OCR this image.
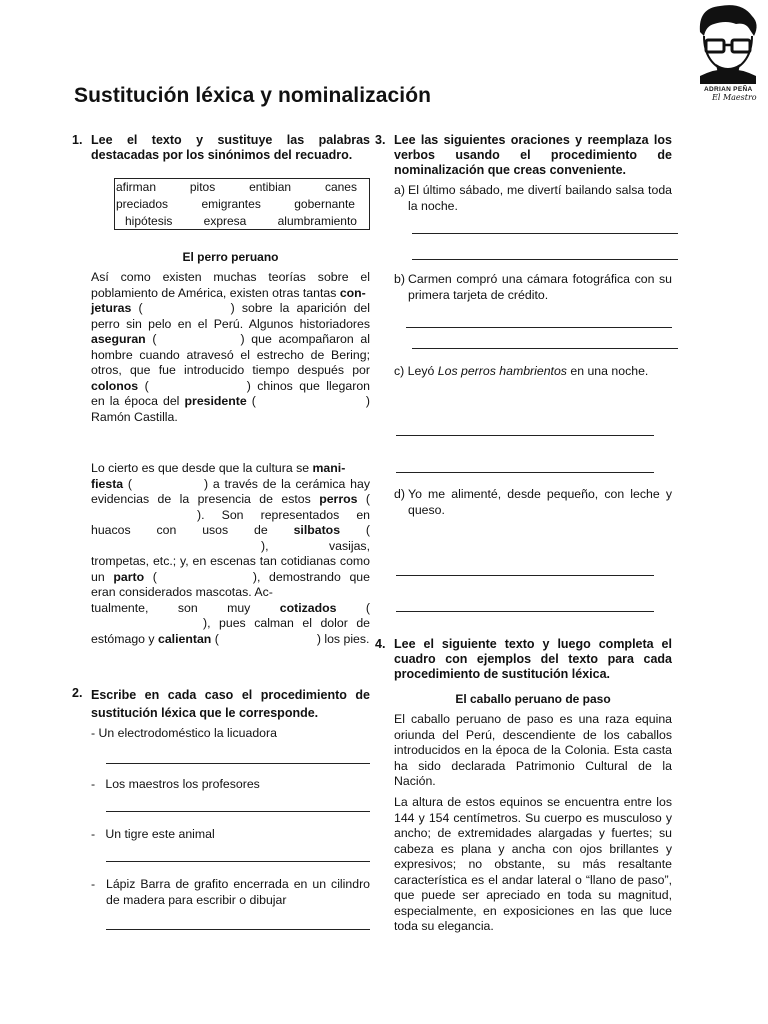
ADRIAN PEÑA
El Maestro
Sustitución léxica y nominalización
1. Lee el texto y sustituye las palabras destacadas por los sinónimos del recuadro.
afirman	pitos	entibian	canes
preciados	emigrantes	gobernante
hipótesis	expresa	alumbramiento
El perro peruano
Así como existen muchas teorías sobre el poblamiento de América, existen otras tantas con-
jeturas (	) sobre la aparición del perro sin pelo en el Perú. Algunos historiadores aseguran (	) que acompañaron al hombre cuando atravesó el estrecho de Bering; otros, que fue introducido tiempo después por colonos (	) chinos que llegaron en la época del presidente (	) Ramón Castilla.
Lo cierto es que desde que la cultura se mani-
fiesta (	) a través de la cerámica hay evidencias de la presencia de estos perros (). Son representados en huacos con usos de silbatos (), vasijas, trompetas, etc.; y, en escenas tan cotidianas como un parto (	), demostrando que eran considerados mascotas. Ac-
tualmente, son muy cotizados (), pues calman el dolor de estómago y calientan (	) los pies.
2. Escribe en cada caso el procedimiento de sustitución léxica que le corresponde.
- Un electrodoméstico la licuadora
- Los maestros los profesores
- Un tigre este animal
- Lápiz Barra de grafito encerrada en un cilindro de madera para escribir o dibujar
3. Lee las siguientes oraciones y reemplaza los verbos usando el procedimiento de nominalización que creas conveniente.
a) El último sábado, me divertí bailando salsa toda la noche.
b) Carmen compró una cámara fotográfica con su primera tarjeta de crédito.
c) Leyó Los perros hambrientos en una noche.
d) Yo me alimenté, desde pequeño, con leche y queso.
4. Lee el siguiente texto y luego completa el cuadro con ejemplos del texto para cada procedimiento de sustitución léxica.
El caballo peruano de paso
El caballo peruano de paso es una raza equina oriunda del Perú, descendiente de los caballos introducidos en la época de la Colonia. Esta casta ha sido declarada Patrimonio Cultural de la Nación.
La altura de estos equinos se encuentra entre los 144 y 154 centímetros. Su cuerpo es musculoso y ancho; de extremidades alargadas y fuertes; su cabeza es plana y ancha con ojos brillantes y expresivos; no obstante, su más resaltante característica es el andar lateral o “llano de paso”, que puede ser apreciado en toda su magnitud, especialmente, en exposiciones en las que luce toda su elegancia.
